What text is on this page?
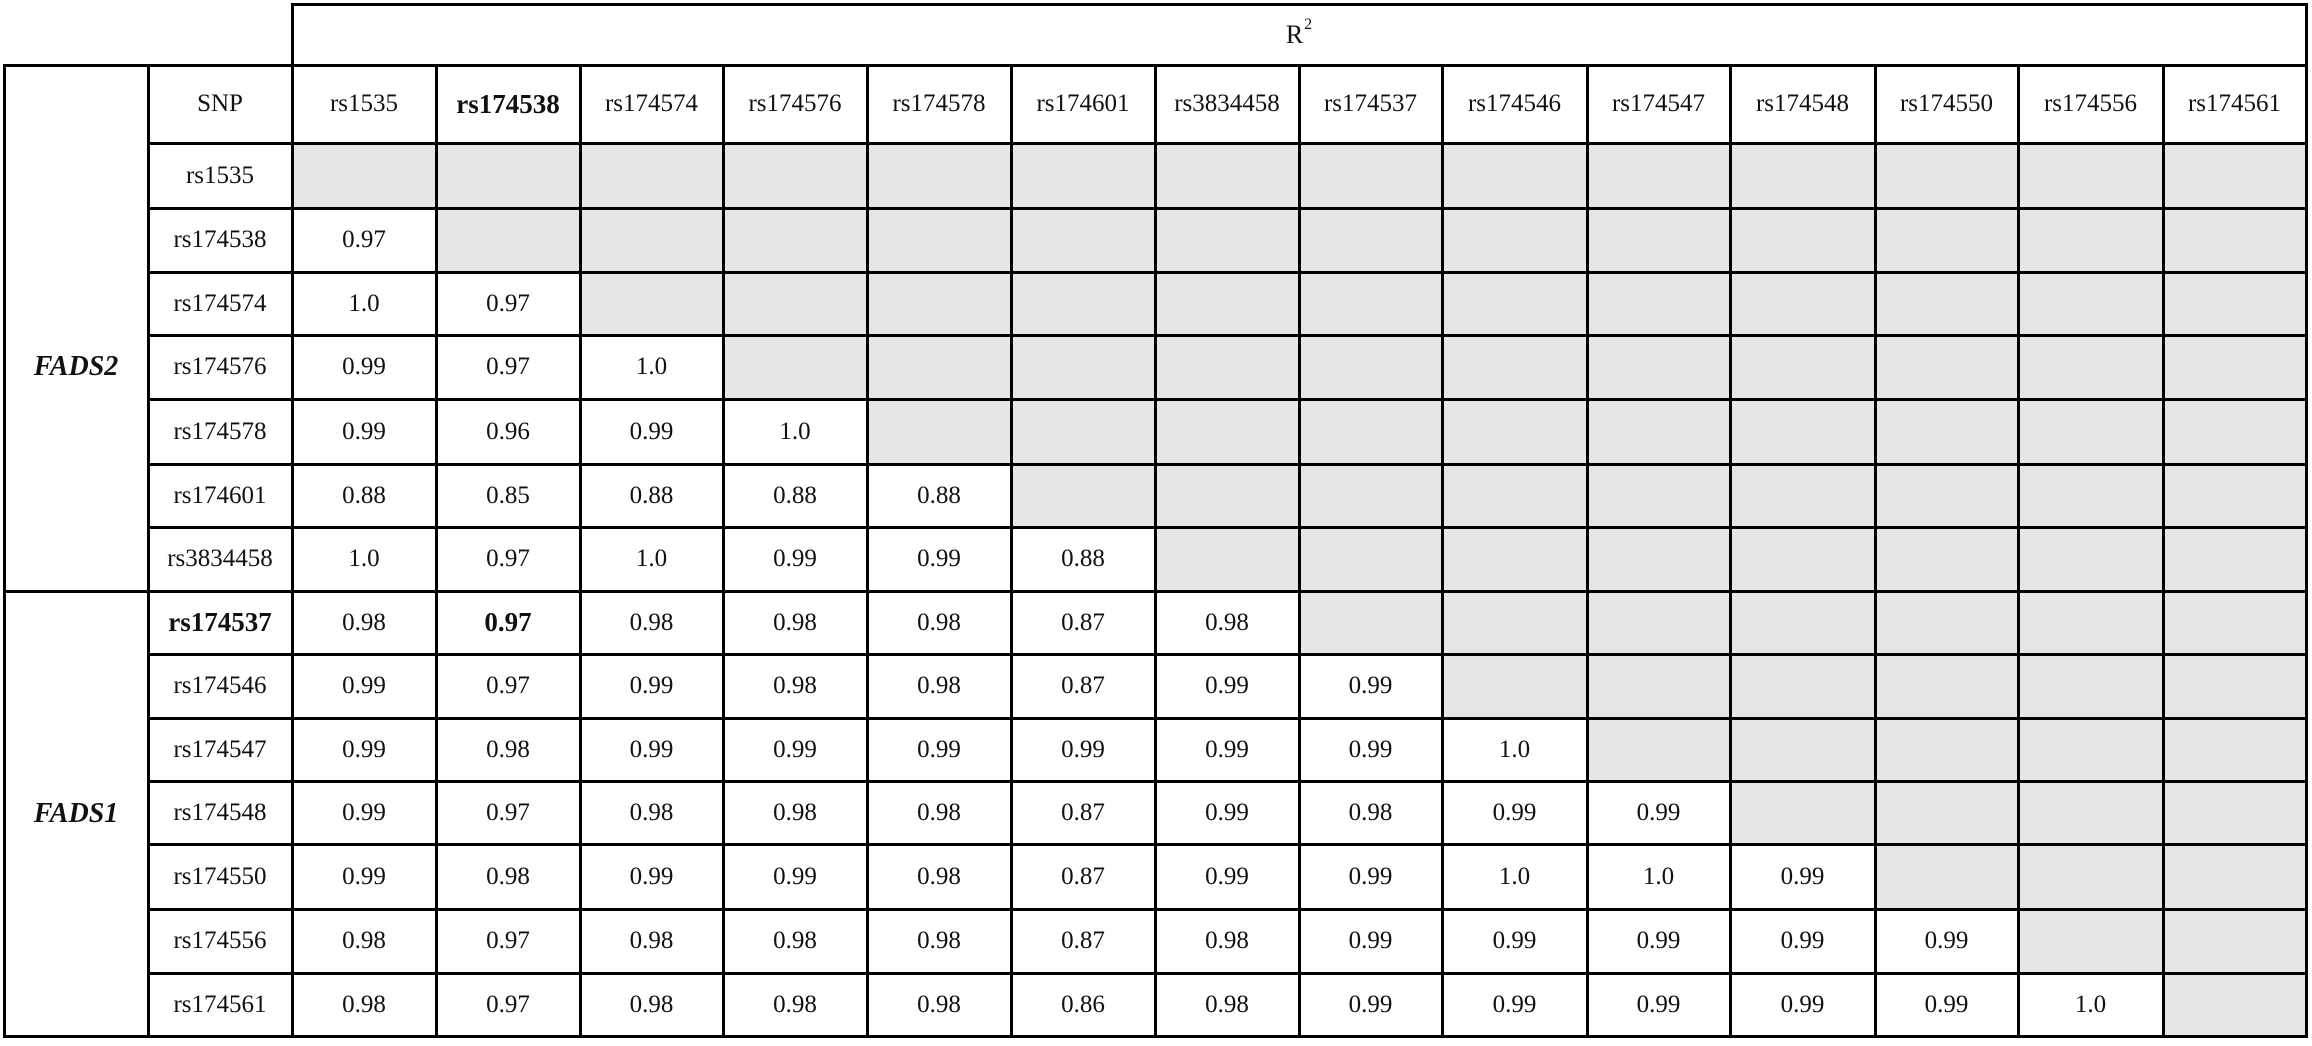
$R^2$
SNP	rs1535	rs174538	rs174574	rs174576	rs174578	rs174601	rs3834458	rs174537	rs174546	rs174547	rs174548	rs174550	rs174556	rs174561
FADS2
FADS1
rs1535
rs174538	0.97
rs174574	1.0	0.97
rs174576	0.99	0.97	1.0
rs174578	0.99	0.96	0.99	1.0
rs174601	0.88	0.85	0.88	0.88	0.88
rs3834458	1.0	0.97	1.0	0.99	0.99	0.88
rs174537	0.98	0.97	0.98	0.98	0.98	0.87	0.98
rs174546	0.99	0.97	0.99	0.98	0.98	0.87	0.99	0.99
rs174547	0.99	0.98	0.99	0.99	0.99	0.99	0.99	0.99	1.0
rs174548	0.99	0.97	0.98	0.98	0.98	0.87	0.99	0.98	0.99	0.99
rs174550	0.99	0.98	0.99	0.99	0.98	0.87	0.99	0.99	1.0	1.0	0.99
rs174556	0.98	0.97	0.98	0.98	0.98	0.87	0.98	0.99	0.99	0.99	0.99	0.99
rs174561	0.98	0.97	0.98	0.98	0.98	0.86	0.98	0.99	0.99	0.99	0.99	0.99	1.0
